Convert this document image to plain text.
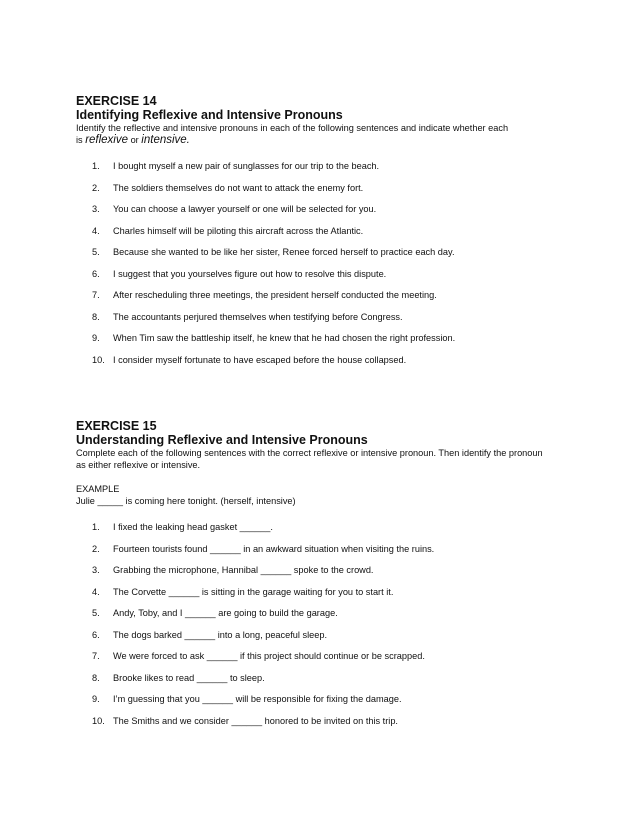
EXERCISE 14

Identifying Reflexive and Intensive Pronouns

Identify the reflective and intensive pronouns in each of the following sentences and indicate whether each
is reflexive or intensive.

1.	I bought myself a new pair of sunglasses for our trip to the beach.
2.	The soldiers themselves do not want to attack the enemy fort.
3.	You can choose a lawyer yourself or one will be selected for you.
4.	Charles himself will be piloting this aircraft across the Atlantic.
5.	Because she wanted to be like her sister, Renee forced herself to practice each day.
6.	I suggest that you yourselves figure out how to resolve this dispute.
7.	After rescheduling three meetings, the president herself conducted the meeting.
8.	The accountants perjured themselves when testifying before Congress.
9.	When Tim saw the battleship itself, he knew that he had chosen the right profession.
10. I consider myself fortunate to have escaped before the house collapsed.

EXERCISE 15

Understanding Reflexive and Intensive Pronouns

Complete each of the following sentences with the correct reflexive or intensive pronoun. Then identify the pronoun
as either reflexive or intensive.

EXAMPLE
Julie _____ is coming here tonight. (herself, intensive)
1.	I fixed the leaking head gasket ______.
2.	Fourteen tourists found ______ in an awkward situation when visiting the ruins.
3.	Grabbing the microphone, Hannibal ______ spoke to the crowd.
4.	The Corvette ______ is sitting in the garage waiting for you to start it.
5.	Andy, Toby, and I ______ are going to build the garage.
6.	The dogs barked ______ into a long, peaceful sleep.
7.	We were forced to ask ______ if this project should continue or be scrapped.
8.	Brooke likes to read ______ to sleep.
9.	I’m guessing that you ______ will be responsible for fixing the damage.
10. The Smiths and we consider ______ honored to be invited on this trip.
